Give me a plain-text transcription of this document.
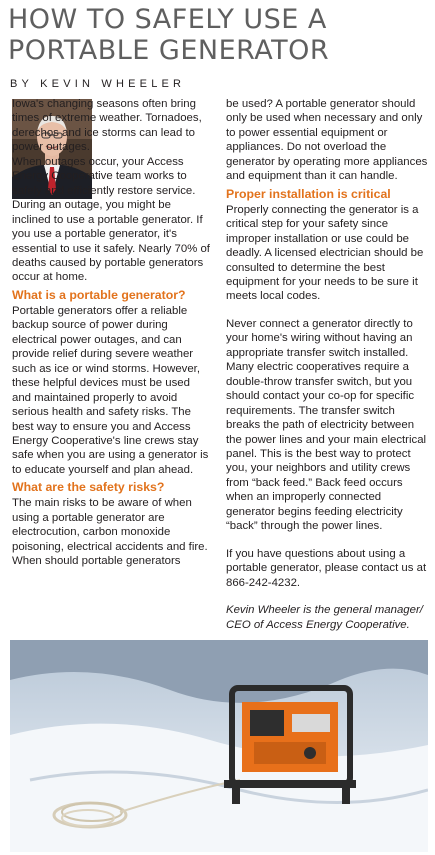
HOW TO SAFELY USE A PORTABLE GENERATOR
BY KEVIN WHEELER

Iowa's changing seasons often bring times of extreme weather. Tornadoes, derechos and ice storms can lead to power outages.

When outages occur, your Access Energy Cooperative team works to safely and efficiently restore service. During an outage, you might be inclined to use a portable generator. If you use a portable generator, it's essential to use it safely. Nearly 70% of deaths caused by portable generators occur at home.

What is a portable generator?

Portable generators offer a reliable backup source of power during electrical power outages, and can provide relief during severe weather such as ice or wind storms. However, these helpful devices must be used and maintained properly to avoid serious health and safety risks. The best way to ensure you and Access Energy Cooperative's line crews stay safe when you are using a generator is to educate yourself and plan ahead.

What are the safety risks?

The main risks to be aware of when using a portable generator are electrocution, carbon monoxide poisoning, electrical accidents and fire. When should portable generators

be used? A portable generator should only be used when necessary and only to power essential equipment or appliances. Do not overload the generator by operating more appliances and equipment than it can handle.

Proper installation is critical

Properly connecting the generator is a critical step for your safety since improper installation or use could be deadly. A licensed electrician should be consulted to determine the best equipment for your needs to be sure it meets local codes.

Never connect a generator directly to your home's wiring without having an appropriate transfer switch installed. Many electric cooperatives require a double-throw transfer switch, but you should contact your co-op for specific requirements. The transfer switch breaks the path of electricity between the power lines and your main electrical panel. This is the best way to protect you, your neighbors and utility crews from “back feed.” Back feed occurs when an improperly connected generator begins feeding electricity “back” through the power lines.

If you have questions about using a portable generator, please contact us at 866-242-4232.

Kevin Wheeler is the general manager/ CEO of Access Energy Cooperative.
